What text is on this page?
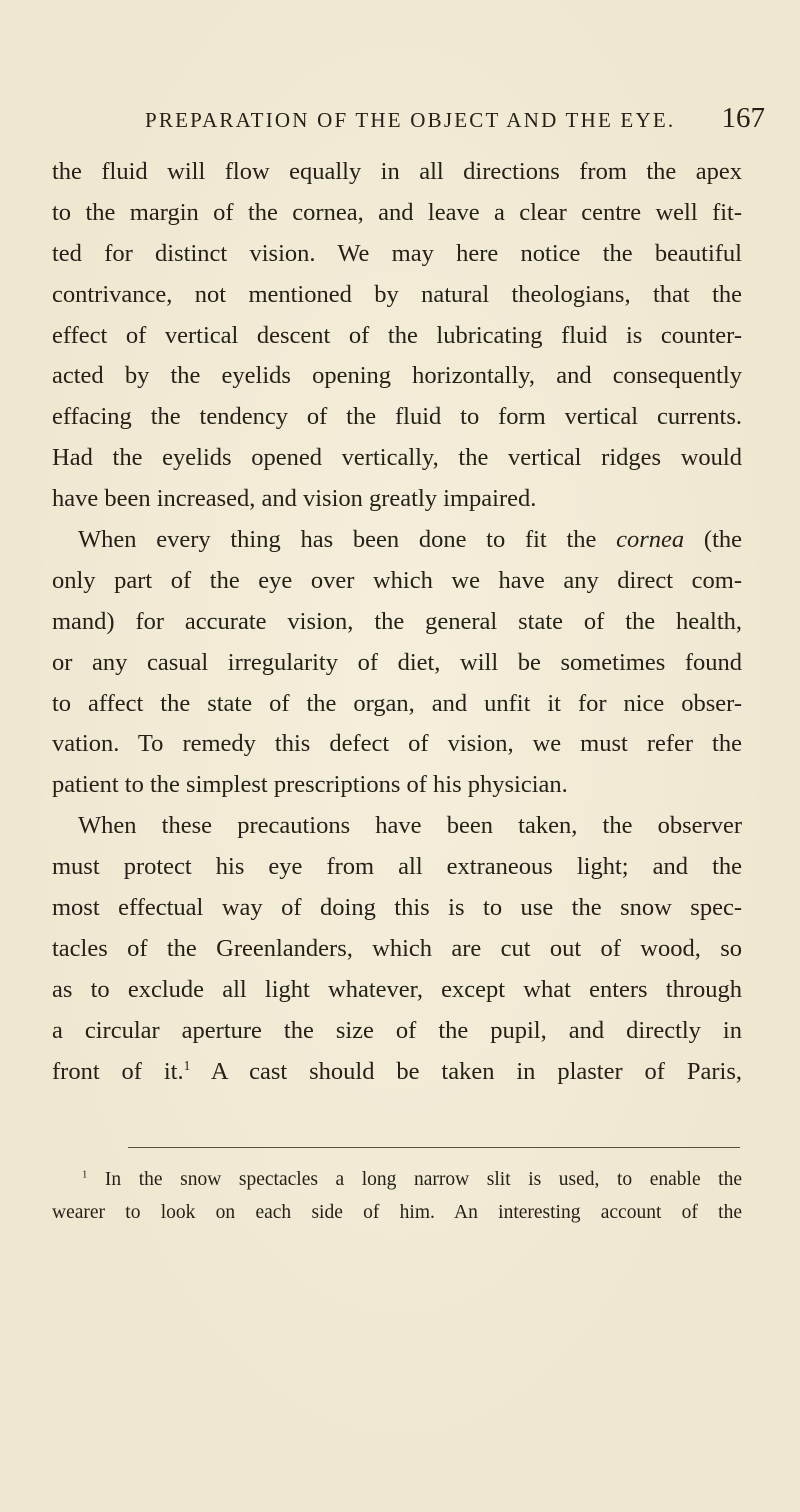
PREPARATION OF THE OBJECT AND THE EYE. 167
the fluid will flow equally in all directions from the apex
to the margin of the cornea, and leave a clear centre well fit-
ted for distinct vision. We may here notice the beautiful
contrivance, not mentioned by natural theologians, that the
effect of vertical descent of the lubricating fluid is counter-
acted by the eyelids opening horizontally, and consequently
effacing the tendency of the fluid to form vertical currents.
Had the eyelids opened vertically, the vertical ridges would
have been increased, and vision greatly impaired.
When every thing has been done to fit the cornea (the
only part of the eye over which we have any direct com-
mand) for accurate vision, the general state of the health,
or any casual irregularity of diet, will be sometimes found
to affect the state of the organ, and unfit it for nice obser-
vation. To remedy this defect of vision, we must refer the
patient to the simplest prescriptions of his physician.
When these precautions have been taken, the observer
must protect his eye from all extraneous light; and the
most effectual way of doing this is to use the snow spec-
tacles of the Greenlanders, which are cut out of wood, so
as to exclude all light whatever, except what enters through
a circular aperture the size of the pupil, and directly in
front of it.$^1$ A cast should be taken in plaster of Paris,
$^1$ In the snow spectacles a long narrow slit is used, to enable the
wearer to look on each side of him. An interesting account of the
